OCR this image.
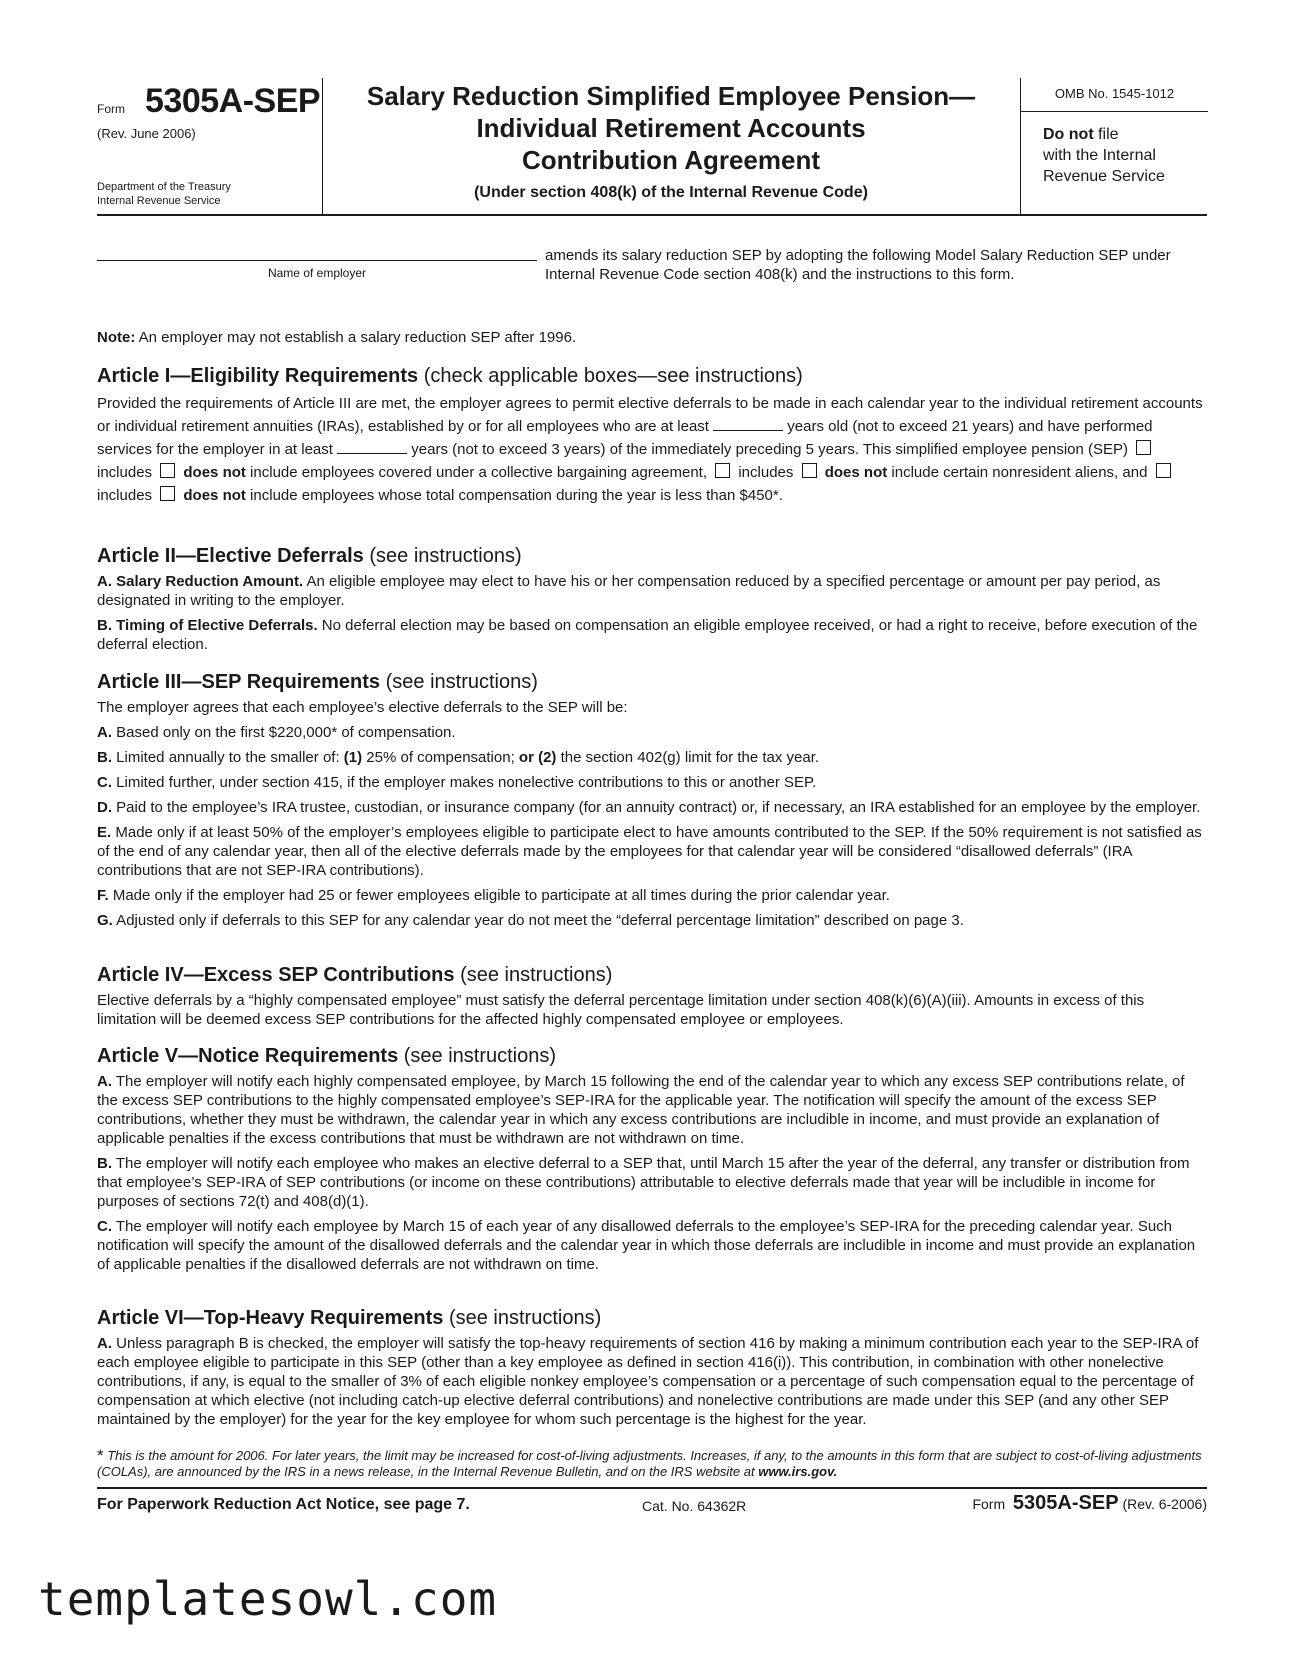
Form 5305A-SEP
(Rev. June 2006)
Department of the Treasury
Internal Revenue Service
Salary Reduction Simplified Employee Pension—
Individual Retirement Accounts
Contribution Agreement
(Under section 408(k) of the Internal Revenue Code)
OMB No. 1545-1012
Do not file
with the Internal
Revenue Service
Name of employer
amends its salary reduction SEP by adopting the following Model Salary Reduction SEP under Internal Revenue Code section 408(k) and the instructions to this form.
Note: An employer may not establish a salary reduction SEP after 1996.
Article I—Eligibility Requirements (check applicable boxes—see instructions)

Provided the requirements of Article III are met, the employer agrees to permit elective deferrals to be made in each calendar year to the individual retirement accounts or individual retirement annuities (IRAs), established by or for all employees who are at least	years old (not to exceed 21 years) and have performed services for the employer in at least	years (not to exceed 3 years) of the immediately preceding 5 years. This simplified employee pension (SEP)  includes does not include employees covered under a collective bargaining agreement,  includes does not include certain nonresident aliens, and  includes does not include employees whose total compensation during the year is less than $450*.

Article II—Elective Deferrals (see instructions)

A. Salary Reduction Amount. An eligible employee may elect to have his or her compensation reduced by a specified percentage or amount per pay period, as designated in writing to the employer.

B. Timing of Elective Deferrals. No deferral election may be based on compensation an eligible employee received, or had a right to receive, before execution of the deferral election.

Article III—SEP Requirements (see instructions)

The employer agrees that each employee’s elective deferrals to the SEP will be:

A. Based only on the first $220,000* of compensation.

B. Limited annually to the smaller of: (1) 25% of compensation; or (2) the section 402(g) limit for the tax year.

C. Limited further, under section 415, if the employer makes nonelective contributions to this or another SEP.

D. Paid to the employee’s IRA trustee, custodian, or insurance company (for an annuity contract) or, if necessary, an IRA established for an employee by the employer.

E. Made only if at least 50% of the employer’s employees eligible to participate elect to have amounts contributed to the SEP. If the 50% requirement is not satisfied as of the end of any calendar year, then all of the elective deferrals made by the employees for that calendar year will be considered “disallowed deferrals” (IRA contributions that are not SEP-IRA contributions).

F. Made only if the employer had 25 or fewer employees eligible to participate at all times during the prior calendar year.

G. Adjusted only if deferrals to this SEP for any calendar year do not meet the “deferral percentage limitation” described on page 3.

Article IV—Excess SEP Contributions (see instructions)

Elective deferrals by a “highly compensated employee” must satisfy the deferral percentage limitation under section 408(k)(6)(A)(iii). Amounts in excess of this limitation will be deemed excess SEP contributions for the affected highly compensated employee or employees.

Article V—Notice Requirements (see instructions)

A. The employer will notify each highly compensated employee, by March 15 following the end of the calendar year to which any excess SEP contributions relate, of the excess SEP contributions to the highly compensated employee’s SEP-IRA for the applicable year. The notification will specify the amount of the excess SEP contributions, whether they must be withdrawn, the calendar year in which any excess contributions are includible in income, and must provide an explanation of applicable penalties if the excess contributions that must be withdrawn are not withdrawn on time.

B. The employer will notify each employee who makes an elective deferral to a SEP that, until March 15 after the year of the deferral, any transfer or distribution from that employee’s SEP-IRA of SEP contributions (or income on these contributions) attributable to elective deferrals made that year will be includible in income for purposes of sections 72(t) and 408(d)(1).

C. The employer will notify each employee by March 15 of each year of any disallowed deferrals to the employee’s SEP-IRA for the preceding calendar year. Such notification will specify the amount of the disallowed deferrals and the calendar year in which those deferrals are includible in income and must provide an explanation of applicable penalties if the disallowed deferrals are not withdrawn on time.

Article VI—Top-Heavy Requirements (see instructions)

A. Unless paragraph B is checked, the employer will satisfy the top-heavy requirements of section 416 by making a minimum contribution each year to the SEP-IRA of each employee eligible to participate in this SEP (other than a key employee as defined in section 416(i)). This contribution, in combination with other nonelective contributions, if any, is equal to the smaller of 3% of each eligible nonkey employee’s compensation or a percentage of such compensation equal to the percentage of compensation at which elective (not including catch-up elective deferral contributions) and nonelective contributions are made under this SEP (and any other SEP maintained by the employer) for the year for the key employee for whom such percentage is the highest for the year.

* This is the amount for 2006. For later years, the limit may be increased for cost-of-living adjustments. Increases, if any, to the amounts in this form that are subject to cost-of-living adjustments (COLAs), are announced by the IRS in a news release, in the Internal Revenue Bulletin, and on the IRS website at www.irs.gov.
For Paperwork Reduction Act Notice, see page 7.	Cat. No. 64362R	Form 5305A-SEP (Rev. 6-2006)
templatesowl.com
